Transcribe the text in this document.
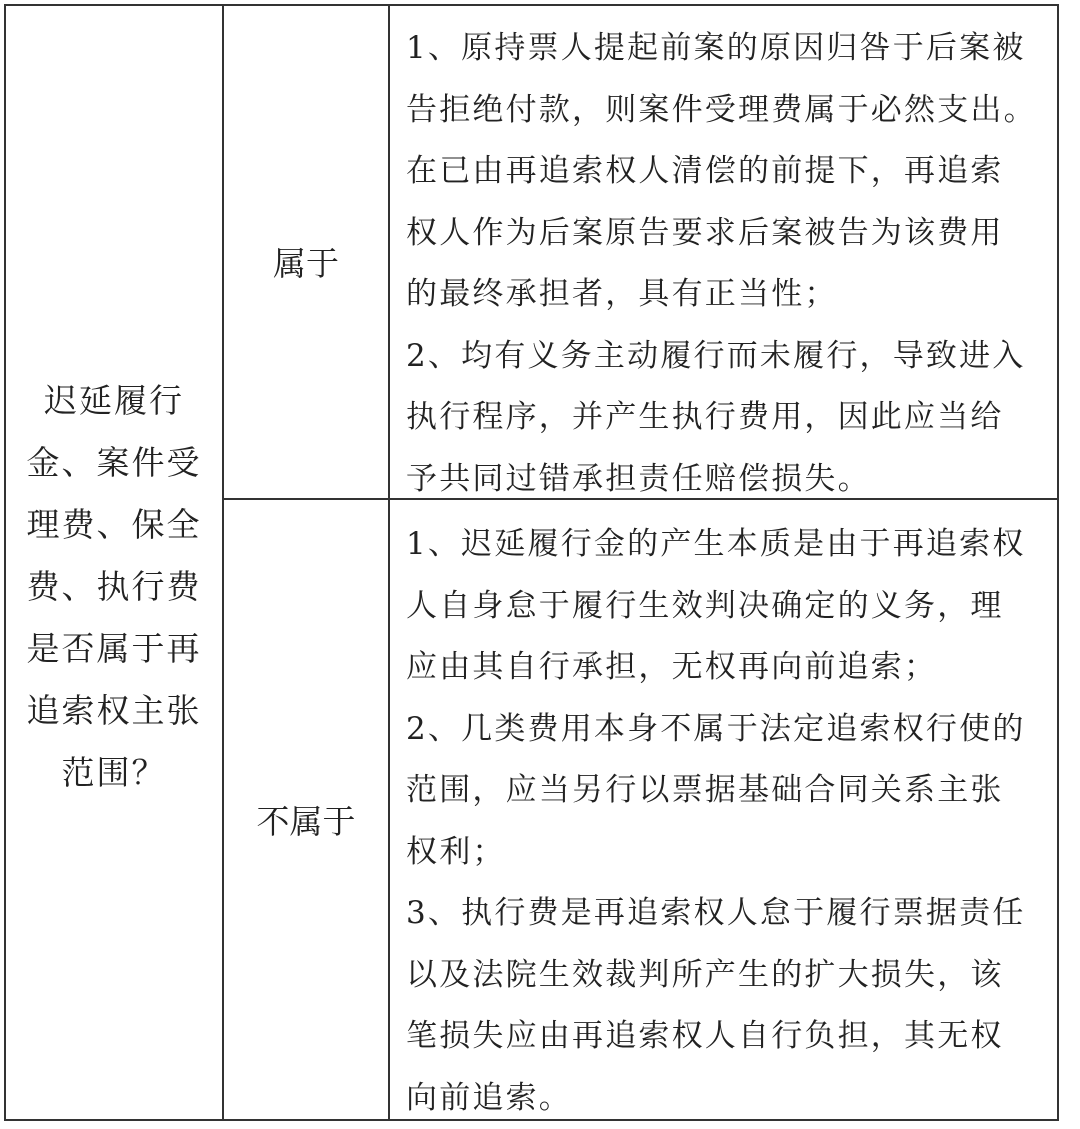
迟延履行
金、案件受
理费、保全
费、执行费
是否属于再
追索权主张
范围？
属于
1、原持票人提起前案的原因归咎于后案被
告拒绝付款，则案件受理费属于必然支出。
在已由再追索权人清偿的前提下，再追索
权人作为后案原告要求后案被告为该费用
的最终承担者，具有正当性；
2、均有义务主动履行而未履行，导致进入
执行程序，并产生执行费用，因此应当给
予共同过错承担责任赔偿损失。
不属于
1、迟延履行金的产生本质是由于再追索权
人自身怠于履行生效判决确定的义务，理
应由其自行承担，无权再向前追索；
2、几类费用本身不属于法定追索权行使的
范围，应当另行以票据基础合同关系主张
权利；
3、执行费是再追索权人怠于履行票据责任
以及法院生效裁判所产生的扩大损失，该
笔损失应由再追索权人自行负担，其无权
向前追索。
